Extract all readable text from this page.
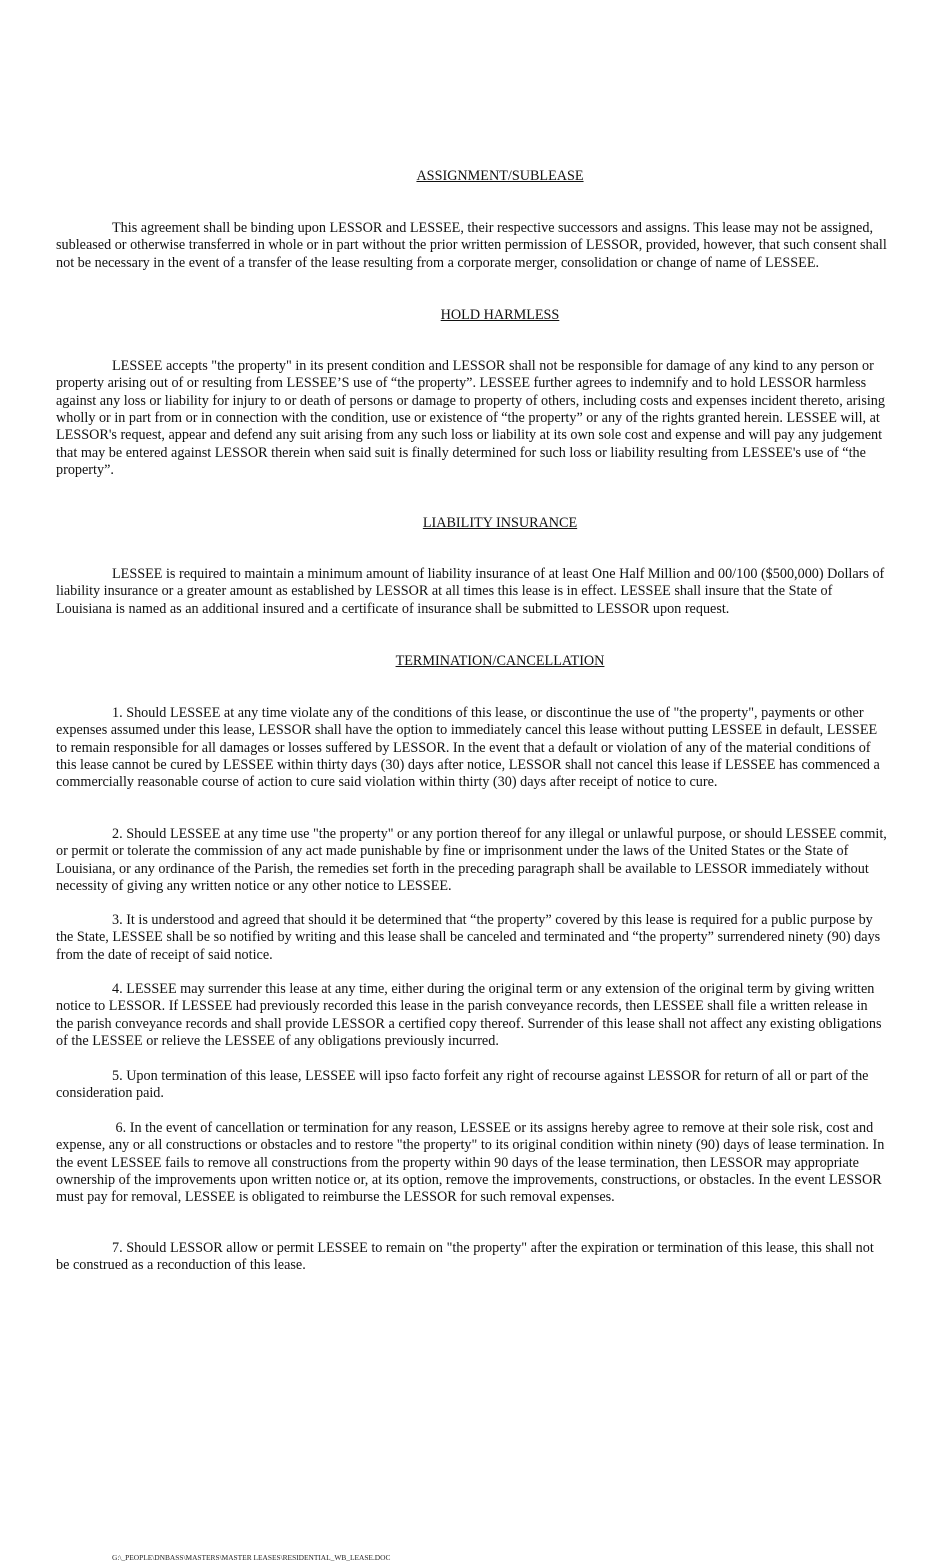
ASSIGNMENT/SUBLEASE
This agreement shall be binding upon LESSOR and LESSEE, their respective successors and assigns. This lease may not be assigned, subleased or otherwise transferred in whole or in part without the prior written permission of LESSOR, provided, however, that such consent shall not be necessary in the event of a transfer of the lease resulting from a corporate merger, consolidation or change of name of LESSEE.
HOLD HARMLESS
LESSEE accepts "the property" in its present condition and LESSOR shall not be responsible for damage of any kind to any person or property arising out of or resulting from LESSEE’S use of “the property”. LESSEE further agrees to indemnify and to hold LESSOR harmless against any loss or liability for injury to or death of persons or damage to property of others, including costs and expenses incident thereto, arising wholly or in part from or in connection with the condition, use or existence of “the property” or any of the rights granted herein. LESSEE will, at LESSOR's request, appear and defend any suit arising from any such loss or liability at its own sole cost and expense and will pay any judgement that may be entered against LESSOR therein when said suit is finally determined for such loss or liability resulting from LESSEE's use of “the property”.
LIABILITY INSURANCE
LESSEE is required to maintain a minimum amount of liability insurance of at least One Half Million and 00/100 ($500,000) Dollars of liability insurance or a greater amount as established by LESSOR at all times this lease is in effect. LESSEE shall insure that the State of Louisiana is named as an additional insured and a certificate of insurance shall be submitted to LESSOR upon request.
TERMINATION/CANCELLATION
1. Should LESSEE at any time violate any of the conditions of this lease, or discontinue the use of "the property", payments or other expenses assumed under this lease, LESSOR shall have the option to immediately cancel this lease without putting LESSEE in default, LESSEE to remain responsible for all damages or losses suffered by LESSOR. In the event that a default or violation of any of the material conditions of this lease cannot be cured by LESSEE within thirty days (30) days after notice, LESSOR shall not cancel this lease if LESSEE has commenced a commercially reasonable course of action to cure said violation within thirty (30) days after receipt of notice to cure.
2. Should LESSEE at any time use "the property" or any portion thereof for any illegal or unlawful purpose, or should LESSEE commit, or permit or tolerate the commission of any act made punishable by fine or imprisonment under the laws of the United States or the State of Louisiana, or any ordinance of the Parish, the remedies set forth in the preceding paragraph shall be available to LESSOR immediately without necessity of giving any written notice or any other notice to LESSEE.
3. It is understood and agreed that should it be determined that “the property” covered by this lease is required for a public purpose by the State, LESSEE shall be so notified by writing and this lease shall be canceled and terminated and “the property” surrendered ninety (90) days from the date of receipt of said notice.
4. LESSEE may surrender this lease at any time, either during the original term or any extension of the original term by giving written notice to LESSOR. If LESSEE had previously recorded this lease in the parish conveyance records, then LESSEE shall file a written release in the parish conveyance records and shall provide LESSOR a certified copy thereof. Surrender of this lease shall not affect any existing obligations of the LESSEE or relieve the LESSEE of any obligations previously incurred.
5. Upon termination of this lease, LESSEE will ipso facto forfeit any right of recourse against LESSOR for return of all or part of the consideration paid.
6. In the event of cancellation or termination for any reason, LESSEE or its assigns hereby agree to remove at their sole risk, cost and expense, any or all constructions or obstacles and to restore "the property" to its original condition within ninety (90) days of lease termination. In the event LESSEE fails to remove all constructions from the property within 90 days of the lease termination, then LESSOR may appropriate ownership of the improvements upon written notice or, at its option, remove the improvements, constructions, or obstacles. In the event LESSOR must pay for removal, LESSEE is obligated to reimburse the LESSOR for such removal expenses.
7. Should LESSOR allow or permit LESSEE to remain on "the property" after the expiration or termination of this lease, this shall not be construed as a reconduction of this lease.
G:\_PEOPLE\DNBASS\MASTERS\MASTER LEASES\RESIDENTIAL_WB_LEASE.DOC
